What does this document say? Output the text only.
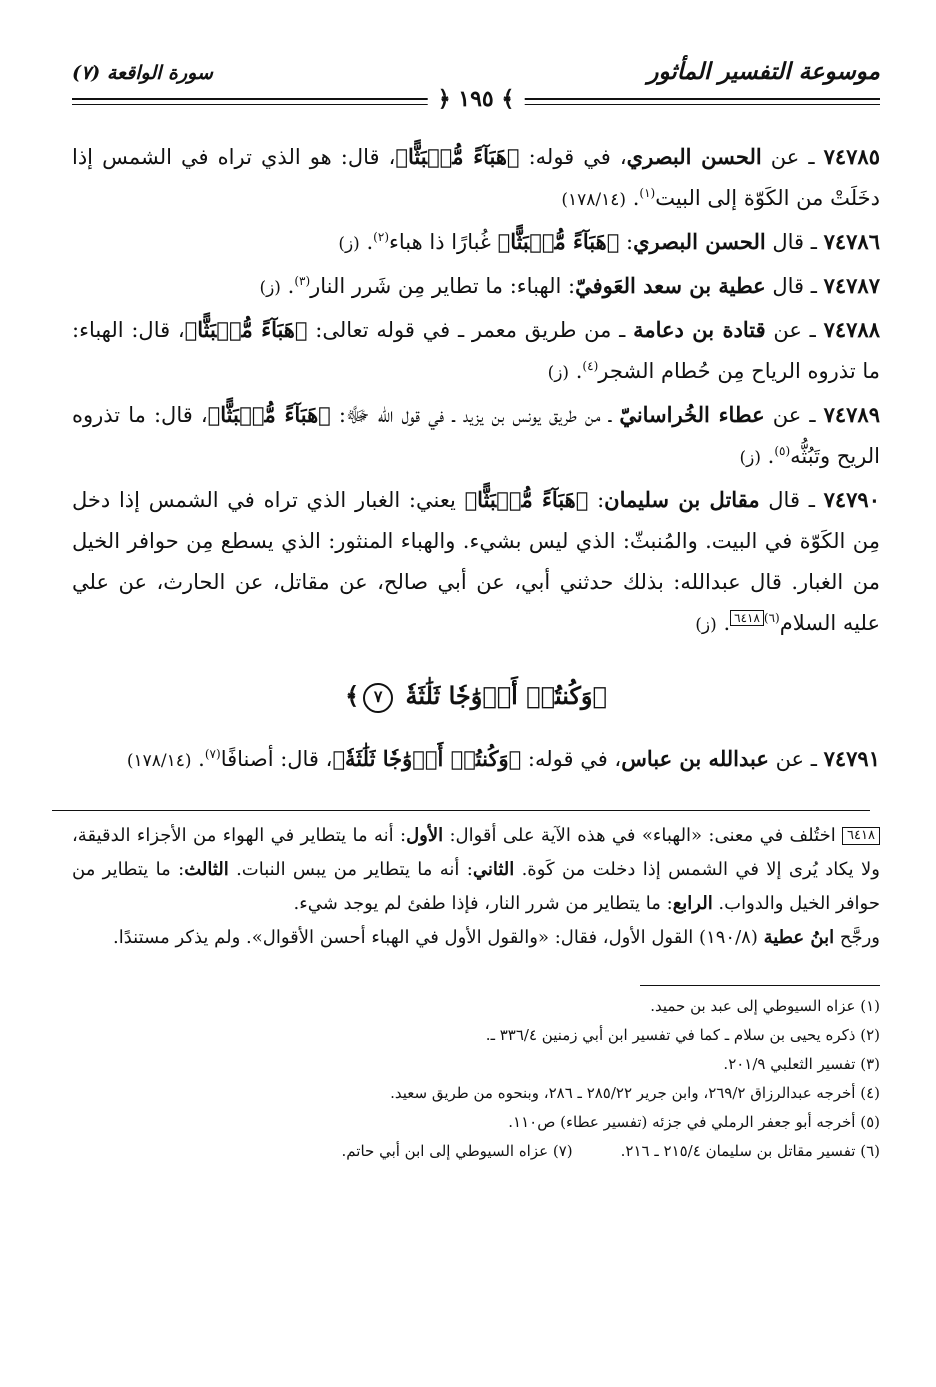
موسوعة التفسير المأثور
سورة الواقعة (٧)
﴾ ١٩٥ ﴿

٧٤٧٨٥ ـ عن الحسن البصري، في قوله: ﴿هَبَآءً مُّنۢبَثًّا﴾، قال: هو الذي تراه في الشمس إذا دخَلَتْ من الكَوّة إلى البيت$^{(١)}$. (١٧٨/١٤)

٧٤٧٨٦ ـ قال الحسن البصري: ﴿هَبَآءً مُّنۢبَثًّا﴾ غُبارًا ذا هباء$^{(٢)}$. (ز)

٧٤٧٨٧ ـ قال عطية بن سعد العَوفيّ: الهباء: ما تطاير مِن شَرر النار$^{(٣)}$. (ز)

٧٤٧٨٨ ـ عن قتادة بن دعامة ـ من طريق معمر ـ في قوله تعالى: ﴿هَبَآءً مُّنۢبَثًّا﴾، قال: الهباء: ما تذروه الرياح مِن حُطام الشجر$^{(٤)}$. (ز)

٧٤٧٨٩ ـ عن عطاء الخُراسانيّ ـ من طريق يونس بن يزيد ـ في قول الله ﷻ: ﴿هَبَآءً مُّنۢبَثًّا﴾، قال: ما تذروه الريح وتَبُثُّه$^{(٥)}$. (ز)

٧٤٧٩٠ ـ قال مقاتل بن سليمان: ﴿هَبَآءً مُّنۢبَثًّا﴾ يعني: الغبار الذي تراه في الشمس إذا دخل مِن الكَوّة في البيت. والمُنبثّ: الذي ليس بشيء. والهباء المنثور: الذي يسطع مِن حوافر الخيل من الغبار. قال عبدالله: بذلك حدثني أبي، عن أبي صالح، عن مقاتل، عن الحارث، عن علي عليه السلام$^{(٦)}$٦٤١٨. (ز)

﴿وَكُنتُمۡ أَزۡوَٰجٗا ثَلَٰثَةٗ ٧﴾

٧٤٧٩١ ـ عن عبدالله بن عباس، في قوله: ﴿وَكُنتُمۡ أَزۡوَٰجٗا ثَلَٰثَةٗ﴾، قال: أصنافًا$^{(٧)}$. (١٧٨/١٤)

٦٤١٨ اختُلف في معنى: «الهباء» في هذه الآية على أقوال: الأول: أنه ما يتطاير في الهواء من الأجزاء الدقيقة، ولا يكاد يُرى إلا في الشمس إذا دخلت من كَوة. الثاني: أنه ما يتطاير من يبس النبات. الثالث: ما يتطاير من حوافر الخيل والدواب. الرابع: ما يتطاير من شرر النار، فإذا طفئ لم يوجد شيء.

ورجَّح ابنُ عطية (١٩٠/٨) القول الأول، فقال: «والقول الأول في الهباء أحسن الأقوال». ولم يذكر مستندًا.

(١) عزاه السيوطي إلى عبد بن حميد.

(٢) ذكره يحيى بن سلام ـ كما في تفسير ابن أبي زمنين ٣٣٦/٤ ـ.

(٣) تفسير الثعلبي ٢٠١/٩.

(٤) أخرجه عبدالرزاق ٢٦٩/٢، وابن جرير ٢٨٥/٢٢ ـ ٢٨٦، وبنحوه من طريق سعيد.

(٥) أخرجه أبو جعفر الرملي في جزئه (تفسير عطاء) ص١١٠.

(٦) تفسير مقاتل بن سليمان ٢١٥/٤ ـ ٢١٦.
(٧) عزاه السيوطي إلى ابن أبي حاتم.
